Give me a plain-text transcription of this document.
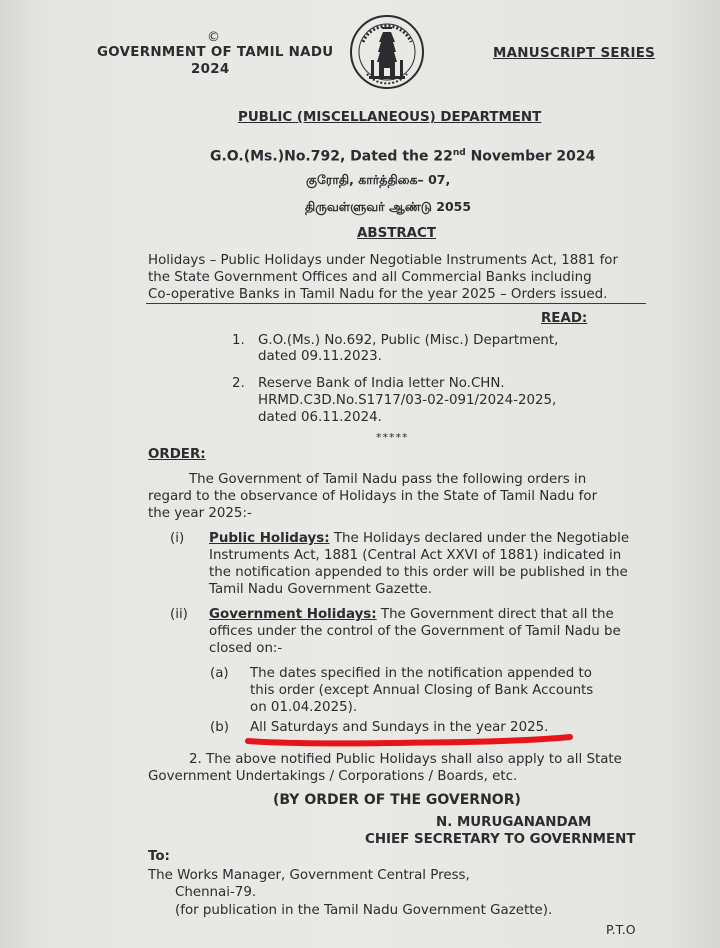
©
GOVERNMENT OF TAMIL NADU
2024
MANUSCRIPT SERIES
PUBLIC (MISCELLANEOUS) DEPARTMENT
G.O.(Ms.)No.792, Dated the 22nd November 2024
குரோதி, கார்த்திகை– 07,
திருவள்ளுவர் ஆண்டு 2055
ABSTRACT
Holidays – Public Holidays under Negotiable Instruments Act, 1881 for
the State Government Offices and all Commercial Banks including
Co-operative Banks in Tamil Nadu for the year 2025 – Orders issued.
READ:
1. G.O.(Ms.) No.692, Public (Misc.) Department,
dated 09.11.2023.
2. Reserve Bank of India letter No.CHN.
HRMD.C3D.No.S1717/03-02-091/2024-2025,
dated 06.11.2024.
*****
ORDER:
The Government of Tamil Nadu pass the following orders in
regard to the observance of Holidays in the State of Tamil Nadu for
the year 2025:-
(i) Public Holidays: The Holidays declared under the Negotiable
Instruments Act, 1881 (Central Act XXVI of 1881) indicated in
the notification appended to this order will be published in the
Tamil Nadu Government Gazette.
(ii) Government Holidays: The Government direct that all the
offices under the control of the Government of Tamil Nadu be
closed on:-
(a) The dates specified in the notification appended to
this order (except Annual Closing of Bank Accounts
on 01.04.2025).
(b) All Saturdays and Sundays in the year 2025.
2. The above notified Public Holidays shall also apply to all State
Government Undertakings / Corporations / Boards, etc.
(BY ORDER OF THE GOVERNOR)
N. MURUGANANDAM
CHIEF SECRETARY TO GOVERNMENT
To:
The Works Manager, Government Central Press,
Chennai-79.
(for publication in the Tamil Nadu Government Gazette).
P.T.O
